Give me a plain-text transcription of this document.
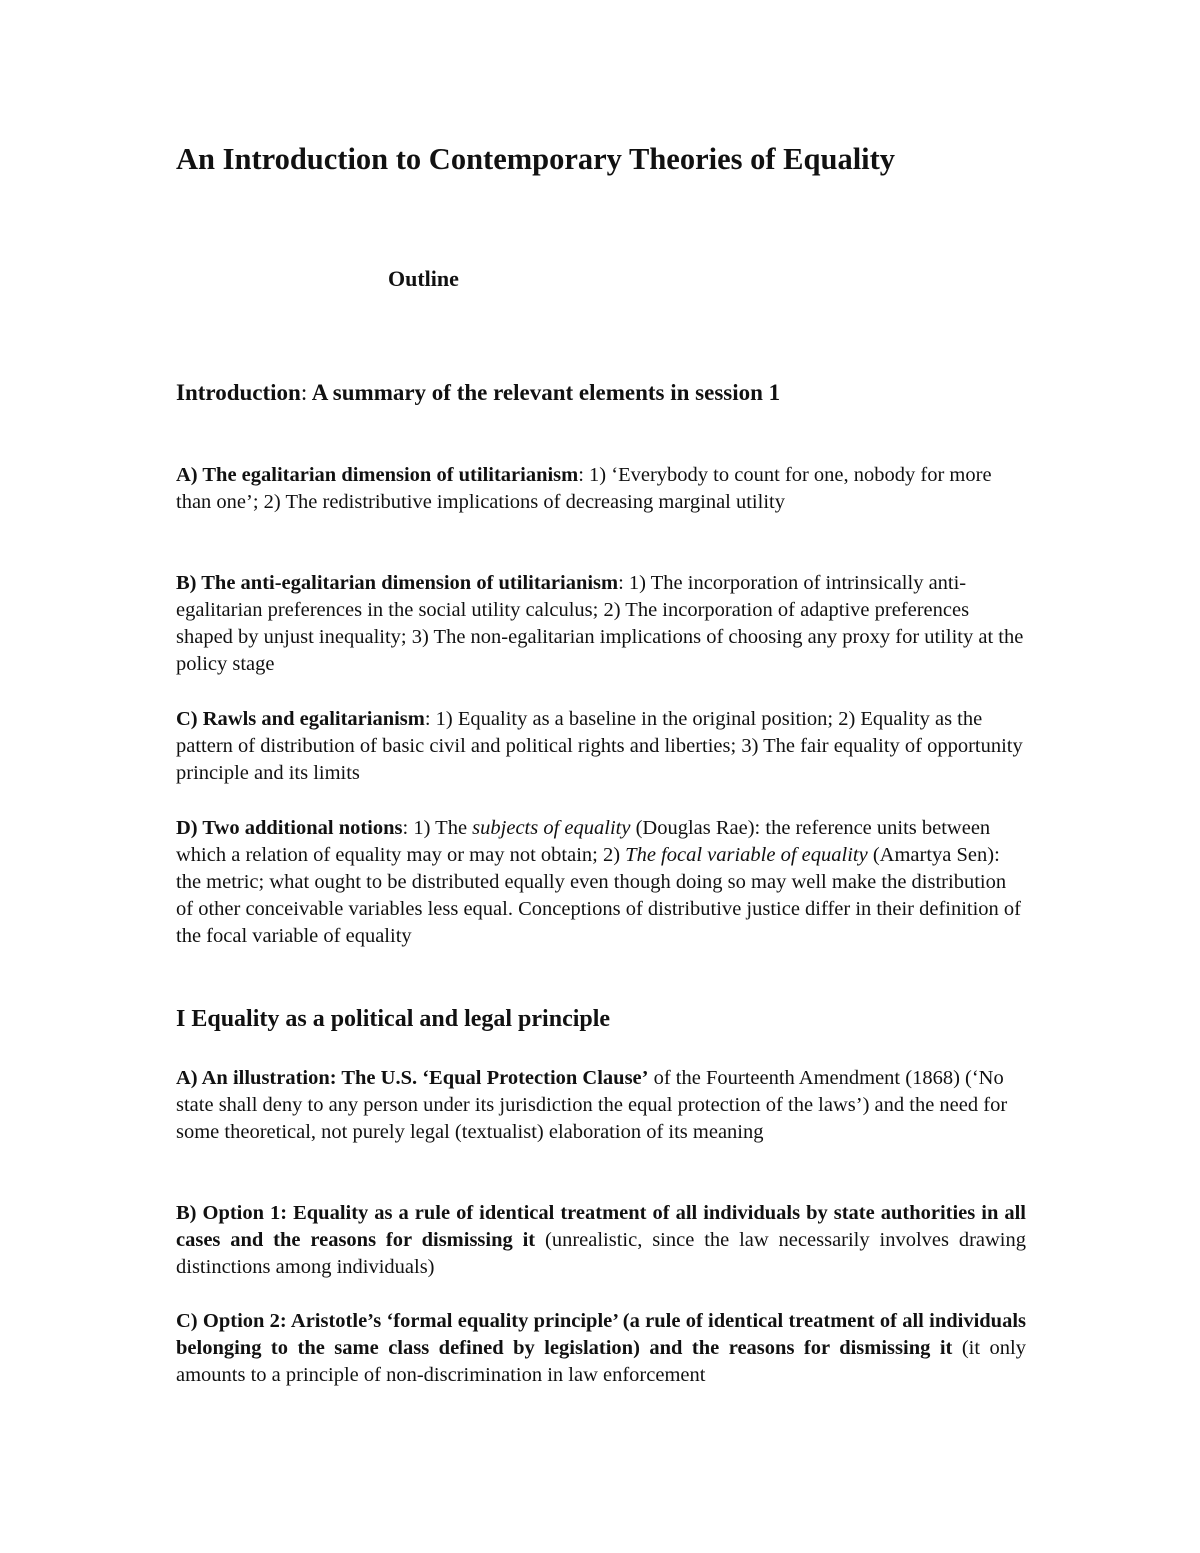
An Introduction to Contemporary Theories of Equality
Outline
Introduction: A summary of the relevant elements in session 1

A) The egalitarian dimension of utilitarianism: 1) ‘Everybody to count for one, nobody for more than one’; 2) The redistributive implications of decreasing marginal utility

B) The anti-egalitarian dimension of utilitarianism: 1) The incorporation of intrinsically anti-egalitarian preferences in the social utility calculus; 2) The incorporation of adaptive preferences shaped by unjust inequality; 3) The non-egalitarian implications of choosing any proxy for utility at the policy stage

C) Rawls and egalitarianism: 1) Equality as a baseline in the original position; 2) Equality as the pattern of distribution of basic civil and political rights and liberties; 3) The fair equality of opportunity principle and its limits

D) Two additional notions: 1) The subjects of equality (Douglas Rae): the reference units between which a relation of equality may or may not obtain; 2) The focal variable of equality (Amartya Sen): the metric; what ought to be distributed equally even though doing so may well make the distribution of other conceivable variables less equal. Conceptions of distributive justice differ in their definition of the focal variable of equality

I Equality as a political and legal principle

A) An illustration: The U.S. ‘Equal Protection Clause’ of the Fourteenth Amendment (1868) (‘No state shall deny to any person under its jurisdiction the equal protection of the laws’) and the need for some theoretical, not purely legal (textualist) elaboration of its meaning

B) Option 1: Equality as a rule of identical treatment of all individuals by state authorities in all cases and the reasons for dismissing it (unrealistic, since the law necessarily involves drawing distinctions among individuals)

C) Option 2: Aristotle’s ‘formal equality principle’ (a rule of identical treatment of all individuals belonging to the same class defined by legislation) and the reasons for dismissing it (it only amounts to a principle of non-discrimination in law enforcement
